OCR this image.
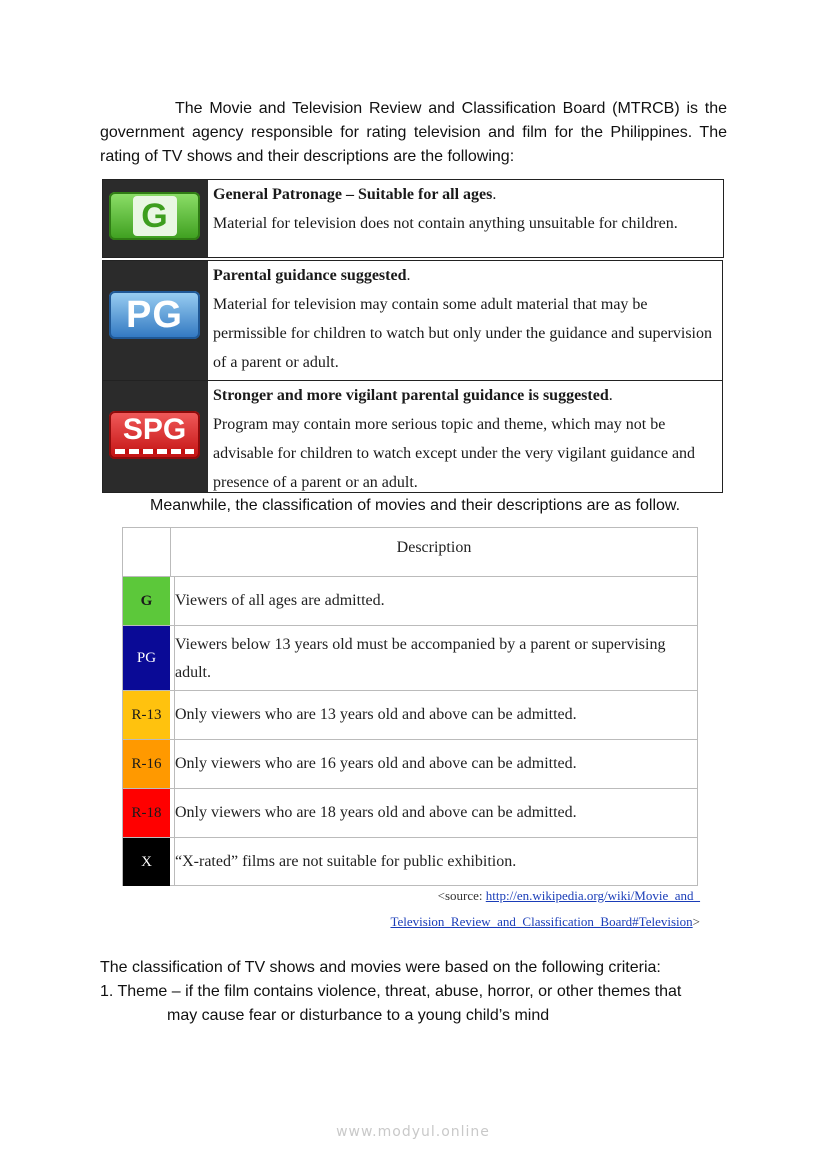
The Movie and Television Review and Classification Board (MTRCB) is the government agency responsible for rating television and film for the Philippines. The rating of TV shows and their descriptions are the following:
G
General Patronage – Suitable for all ages.
Material for television does not contain anything unsuitable for children.
PG
Parental guidance suggested.
Material for television may contain some adult material that may be permissible for children to watch but only under the guidance and supervision of a parent or adult.
SPG
Stronger and more vigilant parental guidance is suggested.
Program may contain more serious topic and theme, which may not be advisable for children to watch except under the very vigilant guidance and presence of a parent or an adult.
Meanwhile, the classification of movies and their descriptions are as follow.
Description
G	Viewers of all ages are admitted.
PG
Viewers below 13 years old must be accompanied by a parent or supervising adult.
R-13 Only viewers who are 13 years old and above can be admitted.
R-16 Only viewers who are 16 years old and above can be admitted.
R-18 Only viewers who are 18 years old and above can be admitted.
X	“X-rated” films are not suitable for public exhibition.
<source: http://en.wikipedia.org/wiki/Movie_and_
Television_Review_and_Classification_Board#Television>
The classification of TV shows and movies were based on the following criteria:
1. Theme – if the film contains violence, threat, abuse, horror, or other themes that
may cause fear or disturbance to a young child’s mind
www.modyul.online
